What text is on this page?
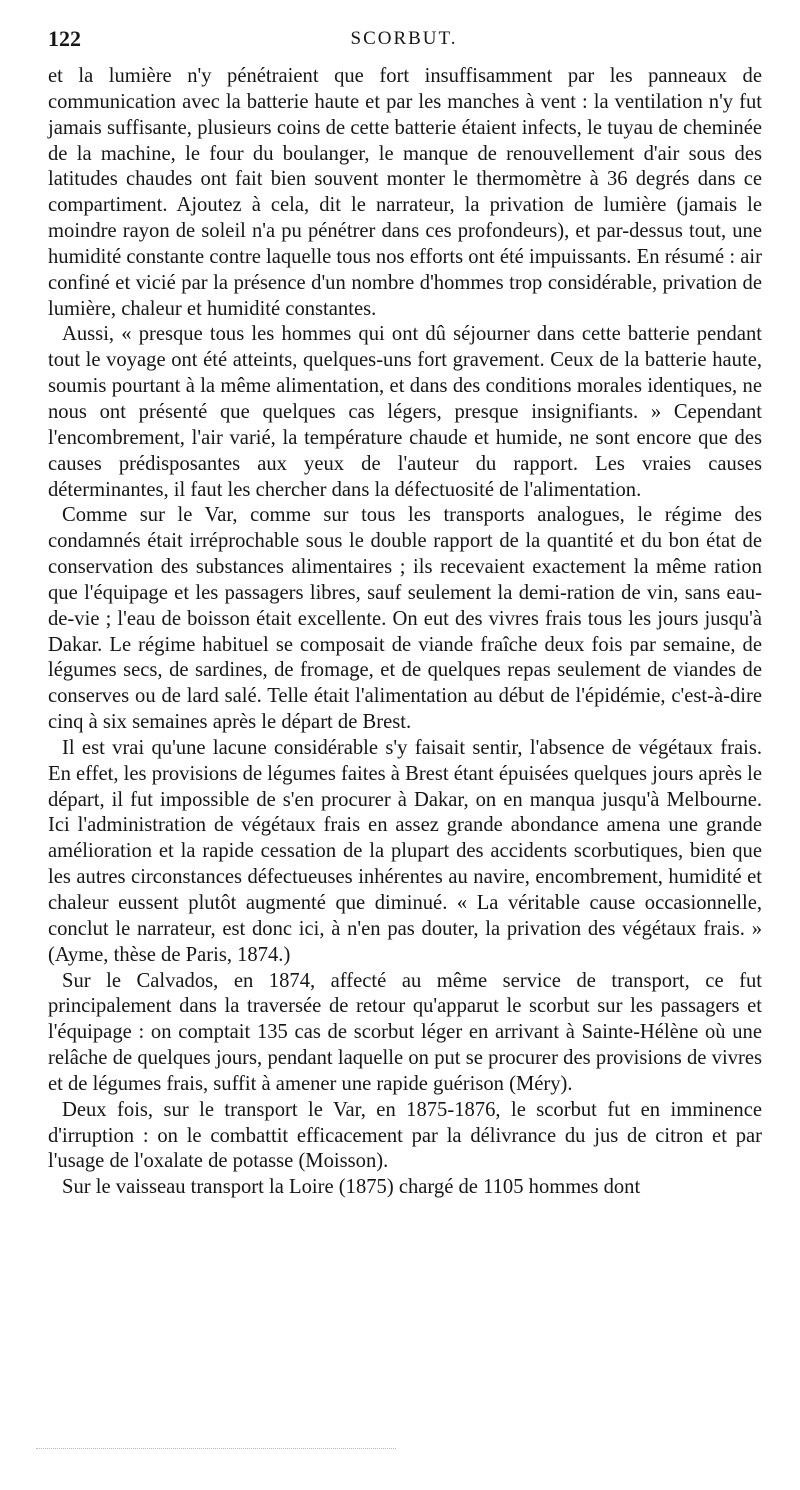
122	SCORBUT.

et la lumière n'y pénétraient que fort insuffisamment par les panneaux de communication avec la batterie haute et par les manches à vent : la ventilation n'y fut jamais suffisante, plusieurs coins de cette batterie étaient infects, le tuyau de cheminée de la machine, le four du boulanger, le manque de renouvellement d'air sous des latitudes chaudes ont fait bien souvent monter le thermomètre à 36 degrés dans ce compartiment. Ajoutez à cela, dit le narrateur, la privation de lumière (jamais le moindre rayon de soleil n'a pu pénétrer dans ces profondeurs), et par-dessus tout, une humidité constante contre laquelle tous nos efforts ont été impuissants. En résumé : air confiné et vicié par la présence d'un nombre d'hommes trop considérable, privation de lumière, chaleur et humidité constantes.

Aussi, « presque tous les hommes qui ont dû séjourner dans cette batterie pendant tout le voyage ont été atteints, quelques-uns fort gravement. Ceux de la batterie haute, soumis pourtant à la même alimentation, et dans des conditions morales identiques, ne nous ont présenté que quelques cas légers, presque insignifiants. » Cependant l'encombrement, l'air varié, la température chaude et humide, ne sont encore que des causes prédisposantes aux yeux de l'auteur du rapport. Les vraies causes déterminantes, il faut les chercher dans la défectuosité de l'alimentation.

Comme sur le Var, comme sur tous les transports analogues, le régime des condamnés était irréprochable sous le double rapport de la quantité et du bon état de conservation des substances alimentaires ; ils recevaient exactement la même ration que l'équipage et les passagers libres, sauf seulement la demi-ration de vin, sans eau-de-vie ; l'eau de boisson était excellente. On eut des vivres frais tous les jours jusqu'à Dakar. Le régime habituel se composait de viande fraîche deux fois par semaine, de légumes secs, de sardines, de fromage, et de quelques repas seulement de viandes de conserves ou de lard salé. Telle était l'alimentation au début de l'épidémie, c'est-à-dire cinq à six semaines après le départ de Brest.

Il est vrai qu'une lacune considérable s'y faisait sentir, l'absence de végétaux frais. En effet, les provisions de légumes faites à Brest étant épuisées quelques jours après le départ, il fut impossible de s'en procurer à Dakar, on en manqua jusqu'à Melbourne. Ici l'administration de végétaux frais en assez grande abondance amena une grande amélioration et la rapide cessation de la plupart des accidents scorbutiques, bien que les autres circonstances défectueuses inhérentes au navire, encombrement, humidité et chaleur eussent plutôt augmenté que diminué. « La véritable cause occasionnelle, conclut le narrateur, est donc ici, à n'en pas douter, la privation des végétaux frais. » (Ayme, thèse de Paris, 1874.)

Sur le Calvados, en 1874, affecté au même service de transport, ce fut principalement dans la traversée de retour qu'apparut le scorbut sur les passagers et l'équipage : on comptait 135 cas de scorbut léger en arrivant à Sainte-Hélène où une relâche de quelques jours, pendant laquelle on put se procurer des provisions de vivres et de légumes frais, suffit à amener une rapide guérison (Méry).

Deux fois, sur le transport le Var, en 1875-1876, le scorbut fut en imminence d'irruption : on le combattit efficacement par la délivrance du jus de citron et par l'usage de l'oxalate de potasse (Moisson).

Sur le vaisseau transport la Loire (1875) chargé de 1105 hommes dont
